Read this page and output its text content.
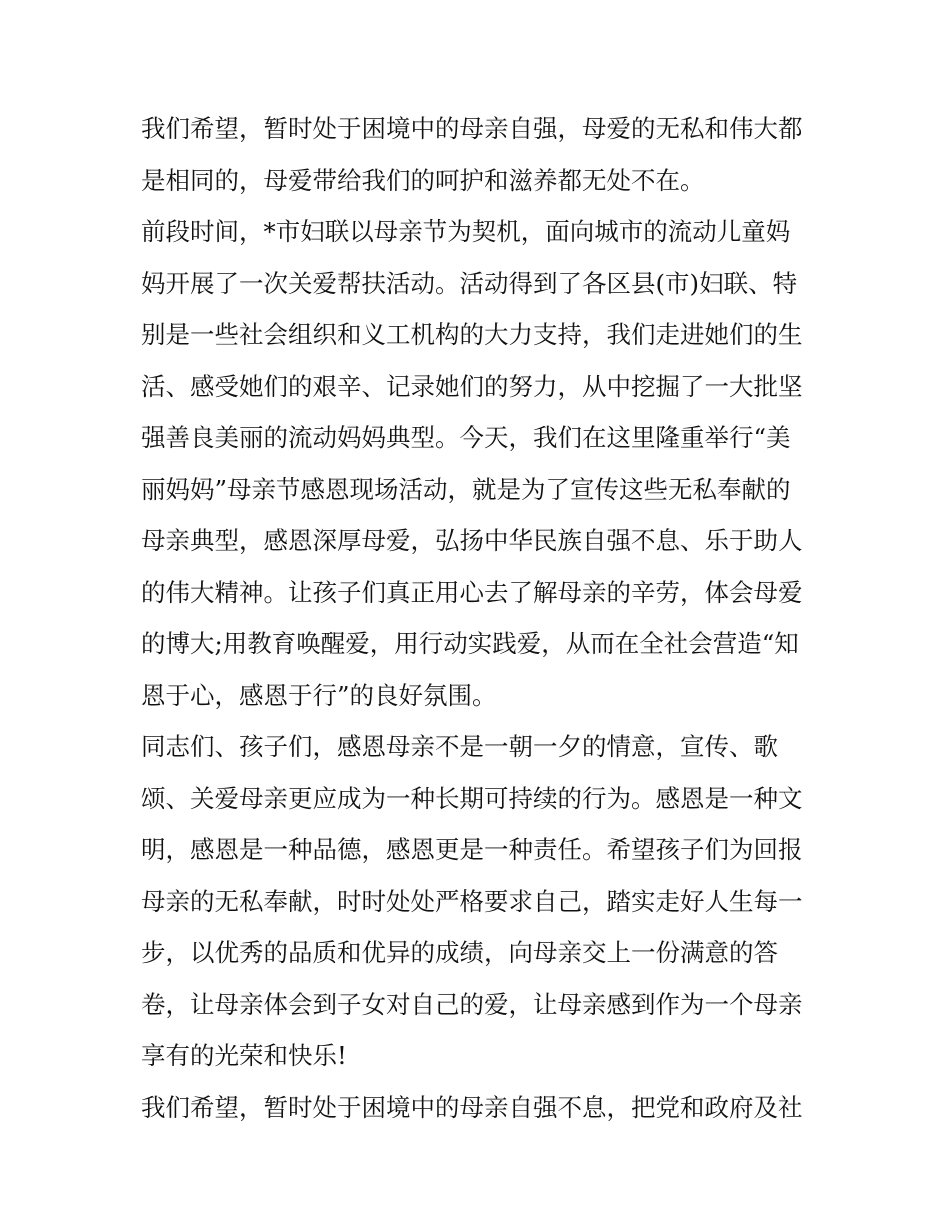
我们希望，暂时处于困境中的母亲自强，母爱的无私和伟大都
是相同的，母爱带给我们的呵护和滋养都无处不在。
前段时间，*市妇联以母亲节为契机，面向城市的流动儿童妈
妈开展了一次关爱帮扶活动。活动得到了各区县(市)妇联、特
别是一些社会组织和义工机构的大力支持，我们走进她们的生
活、感受她们的艰辛、记录她们的努力，从中挖掘了一大批坚
强善良美丽的流动妈妈典型。今天，我们在这里隆重举行“美
丽妈妈”母亲节感恩现场活动，就是为了宣传这些无私奉献的
母亲典型，感恩深厚母爱，弘扬中华民族自强不息、乐于助人
的伟大精神。让孩子们真正用心去了解母亲的辛劳，体会母爱
的博大;用教育唤醒爱，用行动实践爱，从而在全社会营造“知
恩于心，感恩于行”的良好氛围。
同志们、孩子们，感恩母亲不是一朝一夕的情意，宣传、歌
颂、关爱母亲更应成为一种长期可持续的行为。感恩是一种文
明，感恩是一种品德，感恩更是一种责任。希望孩子们为回报
母亲的无私奉献，时时处处严格要求自己，踏实走好人生每一
步，以优秀的品质和优异的成绩，向母亲交上一份满意的答
卷，让母亲体会到子女对自己的爱，让母亲感到作为一个母亲
享有的光荣和快乐!
我们希望，暂时处于困境中的母亲自强不息，把党和政府及社
